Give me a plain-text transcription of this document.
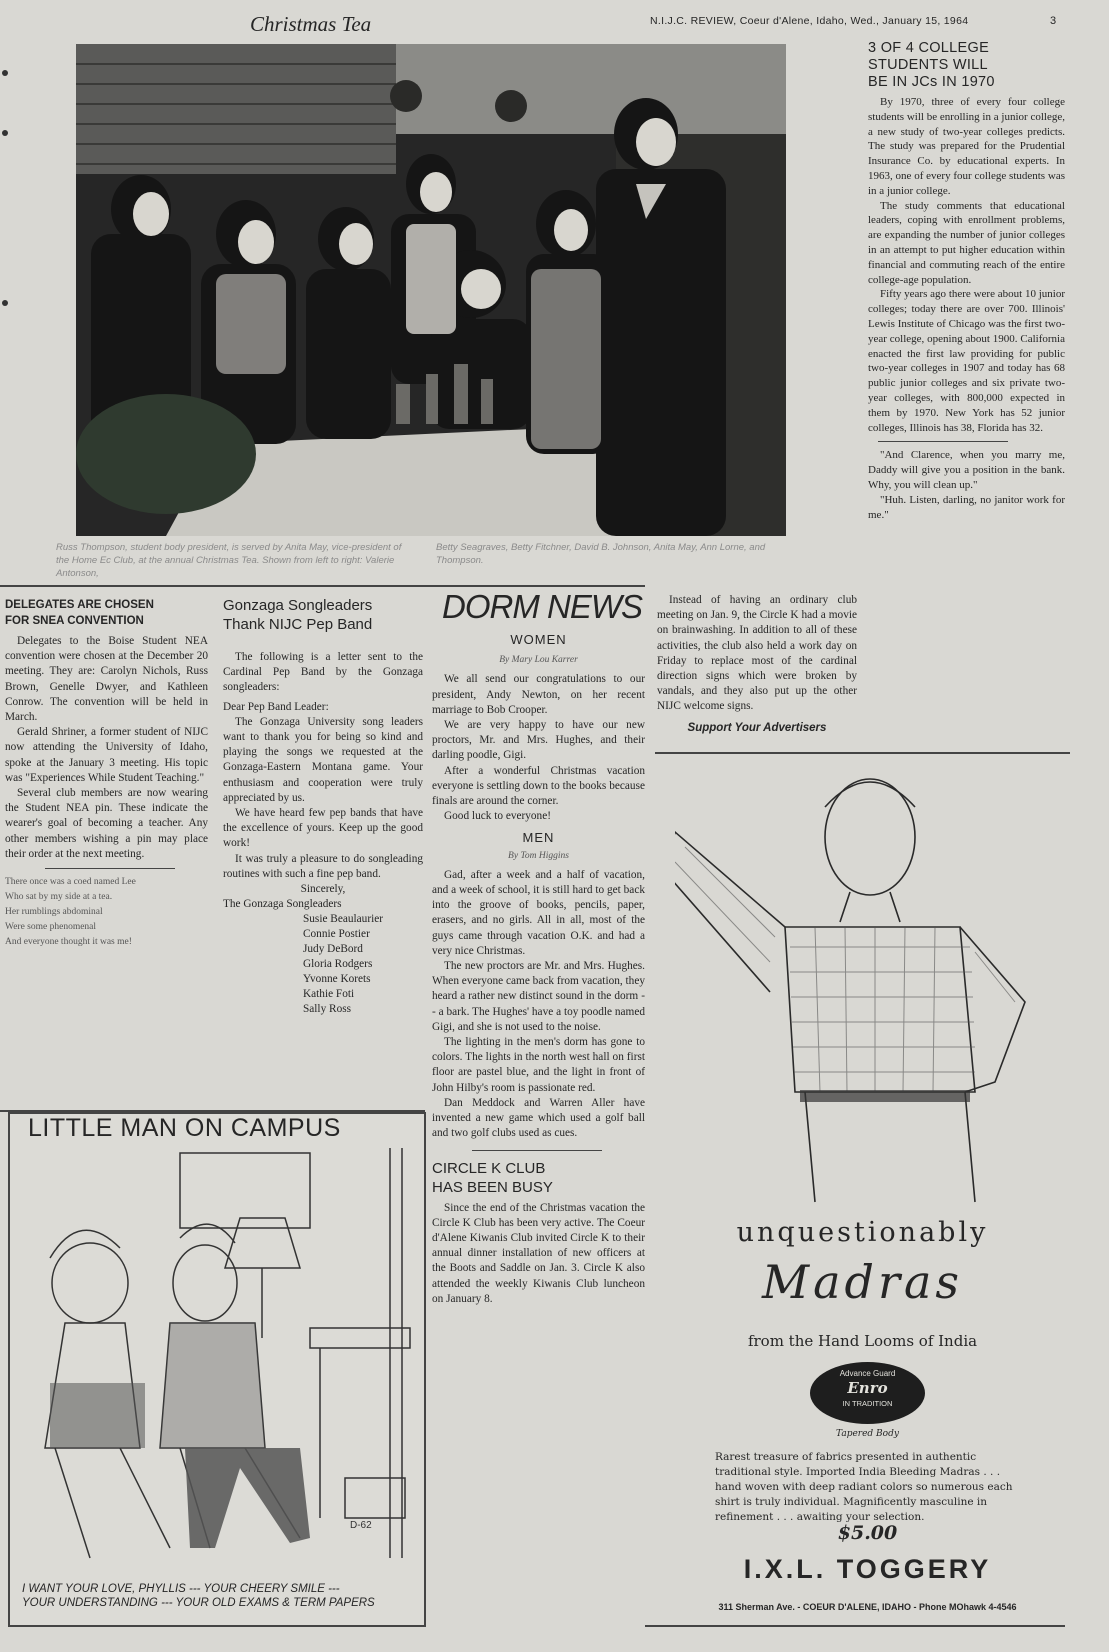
Christmas Tea	N.I.J.C. REVIEW, Coeur d'Alene, Idaho, Wed., January 15, 1964	3
Russ Thompson, student body president, is served by Anita May, vice-president of the Home Ec Club, at the annual Christmas Tea. Shown from left to right: Valerie Antonson,
Betty Seagraves, Betty Fitchner, David B. Johnson, Anita May, Ann Lorne, and Thompson.
3 OF 4 COLLEGE
STUDENTS WILL
BE IN JCs IN 1970

By 1970, three of every four college students will be enrolling in a junior college, a new study of two-year colleges predicts. The study was prepared for the Prudential Insurance Co. by educational experts. In 1963, one of every four college students was in a junior college.

The study comments that educational leaders, coping with enrollment problems, are expanding the number of junior colleges in an attempt to put higher education within financial and commuting reach of the entire college-age population.

Fifty years ago there were about 10 junior colleges; today there are over 700. Illinois' Lewis Institute of Chicago was the first two-year college, opening about 1900. California enacted the first law providing for public two-year colleges in 1907 and today has 68 public junior colleges and six private two-year colleges, with 800,000 expected in them by 1970. New York has 52 junior colleges, Illinois has 38, Florida has 32.

"And Clarence, when you marry me, Daddy will give you a position in the bank. Why, you will clean up."

"Huh. Listen, darling, no janitor work for me."

DELEGATES ARE CHOSEN
FOR SNEA CONVENTION

Delegates to the Boise Student NEA convention were chosen at the December 20 meeting. They are: Carolyn Nichols, Russ Brown, Genelle Dwyer, and Kathleen Conrow. The convention will be held in March.

Gerald Shriner, a former student of NIJC now attending the University of Idaho, spoke at the January 3 meeting. His topic was "Experiences While Student Teaching."

Several club members are now wearing the Student NEA pin. These indicate the wearer's goal of becoming a teacher. Any other members wishing a pin may place their order at the next meeting.

There once was a coed named Lee
Who sat by my side at a tea.
Her rumblings abdominal
Were some phenomenal
And everyone thought it was me!
Gonzaga Songleaders
Thank NIJC Pep Band

The following is a letter sent to the Cardinal Pep Band by the Gonzaga songleaders:

Dear Pep Band Leader:

The Gonzaga University song leaders want to thank you for being so kind and playing the songs we requested at the Gonzaga-Eastern Montana game. Your enthusiasm and cooperation were truly appreciated by us.

We have heard few pep bands that have the excellence of yours. Keep up the good work!

It was truly a pleasure to do songleading routines with such a fine pep band.

Sincerely,
The Gonzaga Songleaders
Susie Beaulaurier
Connie Postier
Judy DeBord
Gloria Rodgers
Yvonne Korets
Kathie Foti
Sally Ross
LITTLE MAN ON CAMPUS
D-62
I WANT YOUR LOVE, PHYLLIS --- YOUR CHEERY SMILE ---
YOUR UNDERSTANDING --- YOUR OLD EXAMS & TERM PAPERS
DORM NEWS
WOMEN
By Mary Lou Karrer

We all send our congratulations to our president, Andy Newton, on her recent marriage to Bob Crooper.

We are very happy to have our new proctors, Mr. and Mrs. Hughes, and their darling poodle, Gigi.

After a wonderful Christmas vacation everyone is settling down to the books because finals are around the corner.

Good luck to everyone!

MEN
By Tom Higgins

Gad, after a week and a half of vacation, and a week of school, it is still hard to get back into the groove of books, pencils, paper, erasers, and no girls. All in all, most of the guys came through vacation O.K. and had a very nice Christmas.

The new proctors are Mr. and Mrs. Hughes. When everyone came back from vacation, they heard a rather new distinct sound in the dorm -- a bark. The Hughes' have a toy poodle named Gigi, and she is not used to the noise.

The lighting in the men's dorm has gone to colors. The lights in the north west hall on first floor are pastel blue, and the light in front of John Hilby's room is passionate red.

Dan Meddock and Warren Aller have invented a new game which used a golf ball and two golf clubs used as cues.

CIRCLE K CLUB
HAS BEEN BUSY

Since the end of the Christmas vacation the Circle K Club has been very active. The Coeur d'Alene Kiwanis Club invited Circle K to their annual dinner installation of new officers at the Boots and Saddle on Jan. 3. Circle K also attended the weekly Kiwanis Club luncheon on January 8.

Instead of having an ordinary club meeting on Jan. 9, the Circle K had a movie on brainwashing. In addition to all of these activities, the club also held a work day on Friday to replace most of the cardinal direction signs which were broken by vandals, and they also put up the other NIJC welcome signs.

Support Your Advertisers
unquestionably
Madras
from the Hand Looms of India
Advance Guard
Enro
IN TRADITION
Tapered Body
Rarest treasure of fabrics presented in authentic traditional style. Imported India Bleeding Madras . . . hand woven with deep radiant colors so numerous each shirt is truly individual. Magnificently masculine in refinement . . . awaiting your selection.
$5.00
I.X.L. TOGGERY
311 Sherman Ave. - COEUR D'ALENE, IDAHO - Phone MOhawk 4-4546
